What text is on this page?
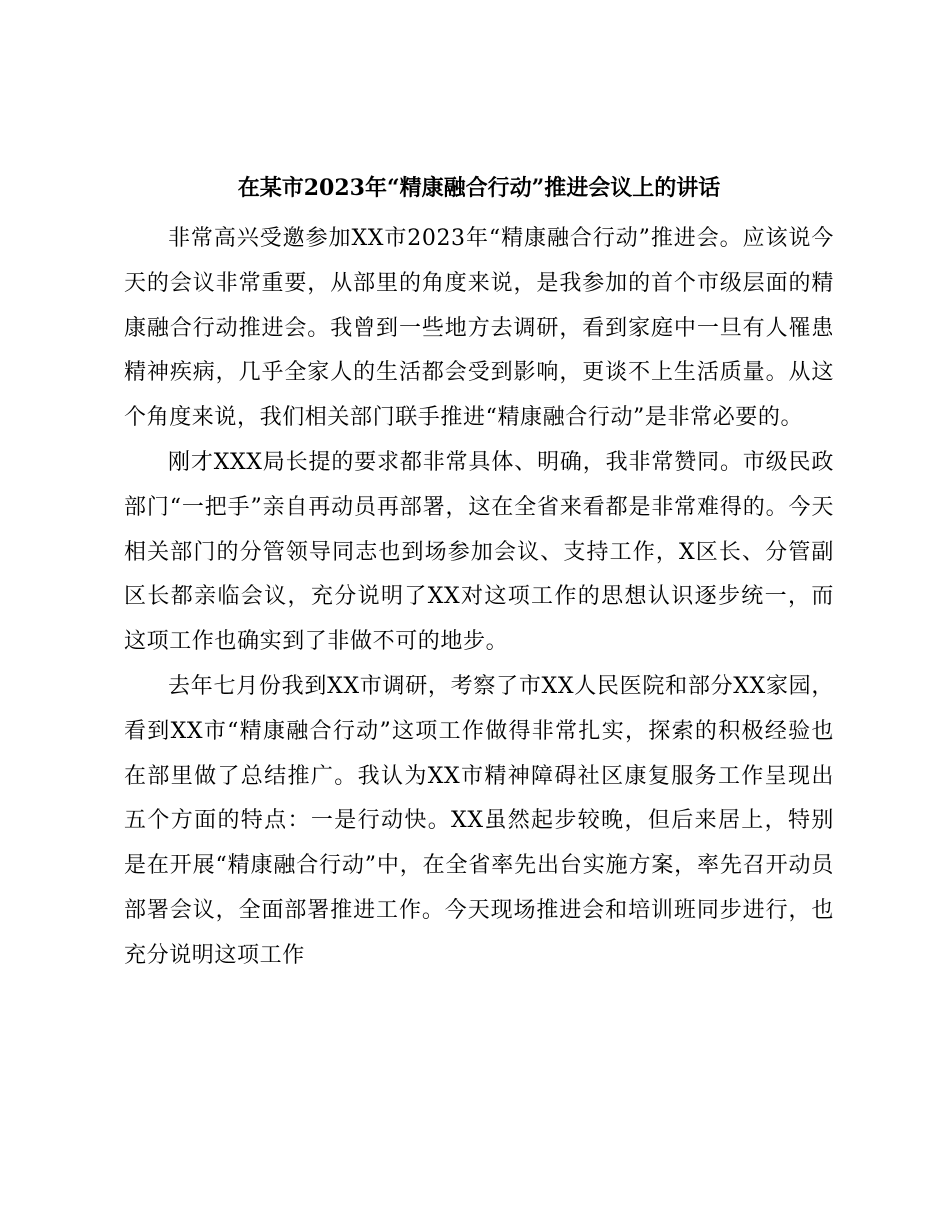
在某市2023年“精康融合行动”推进会议上的讲话

非常高兴受邀参加XX市2023年“精康融合行动”推进会。应该说今天的会议非常重要，从部里的角度来说，是我参加的首个市级层面的精康融合行动推进会。我曾到一些地方去调研，看到家庭中一旦有人罹患精神疾病，几乎全家人的生活都会受到影响，更谈不上生活质量。从这个角度来说，我们相关部门联手推进“精康融合行动”是非常必要的。

刚才XXX局长提的要求都非常具体、明确，我非常赞同。市级民政部门“一把手”亲自再动员再部署，这在全省来看都是非常难得的。今天相关部门的分管领导同志也到场参加会议、支持工作，X区长、分管副区长都亲临会议，充分说明了XX对这项工作的思想认识逐步统一，而这项工作也确实到了非做不可的地步。

去年七月份我到XX市调研，考察了市XX人民医院和部分XX家园，看到XX市“精康融合行动”这项工作做得非常扎实，探索的积极经验也在部里做了总结推广。我认为XX市精神障碍社区康复服务工作呈现出五个方面的特点：一是行动快。XX虽然起步较晚，但后来居上，特别是在开展“精康融合行动”中，在全省率先出台实施方案，率先召开动员部署会议，全面部署推进工作。今天现场推进会和培训班同步进行，也充分说明这项工作
